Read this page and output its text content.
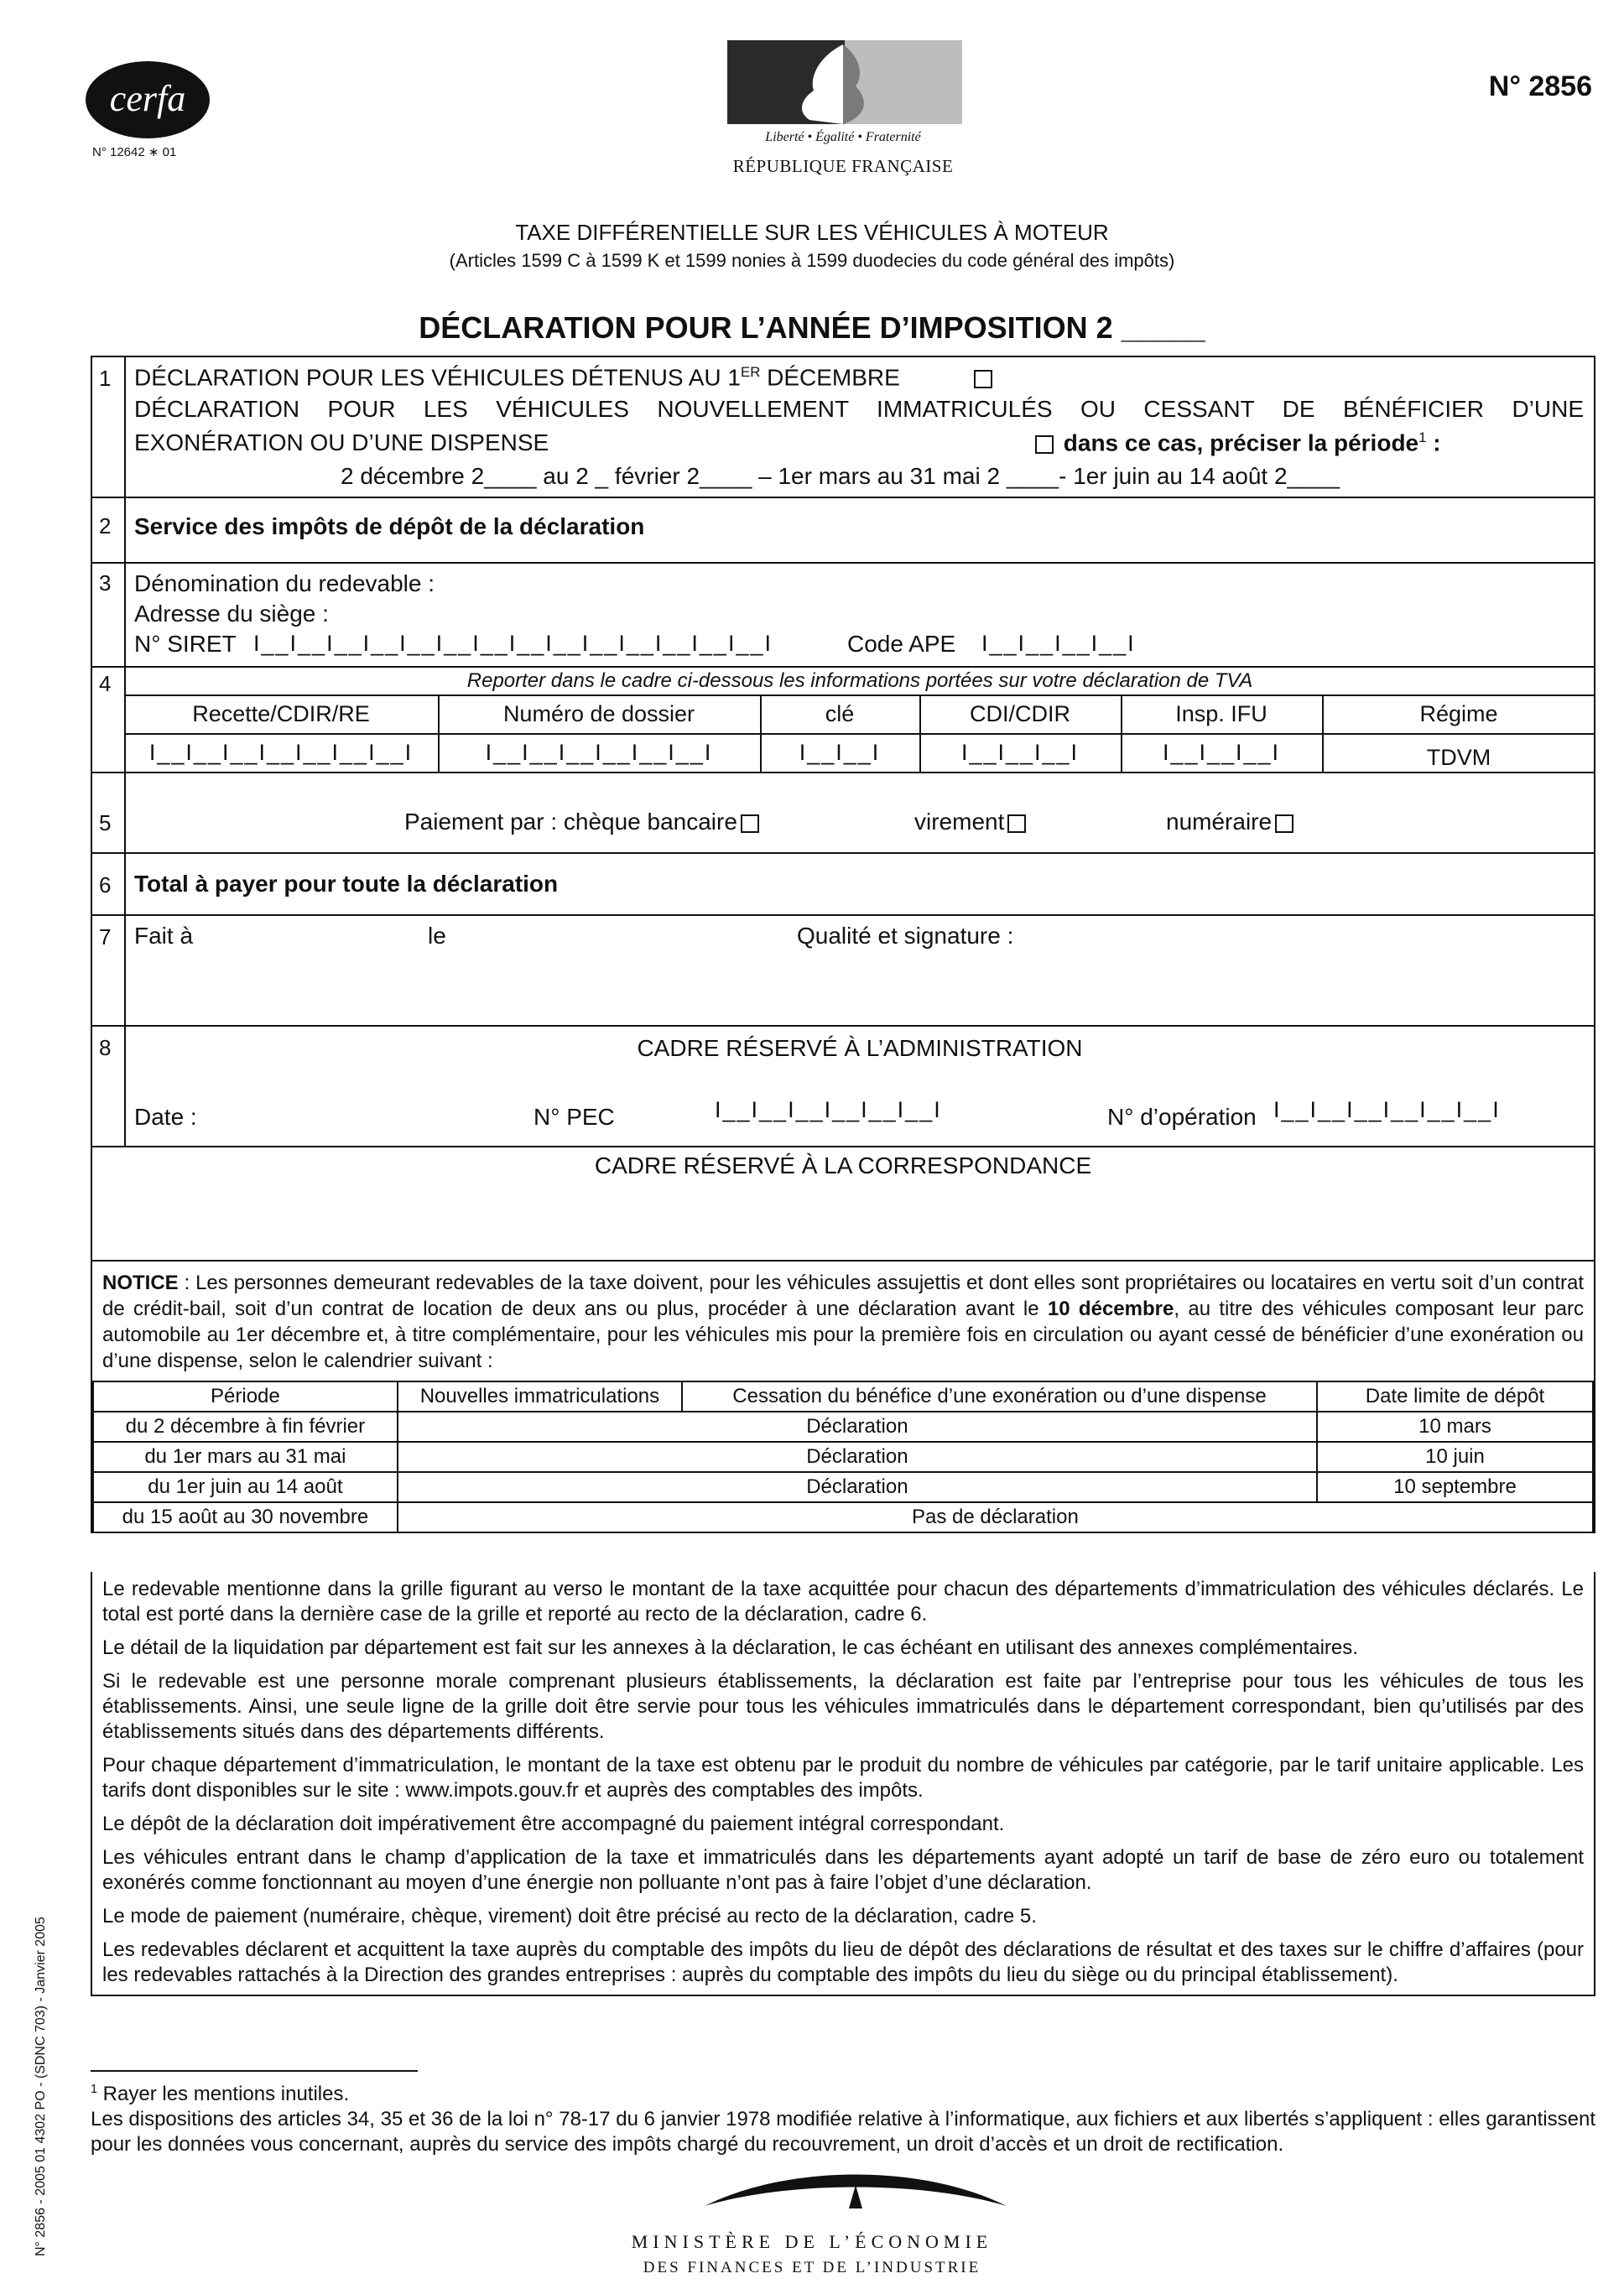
cerfa
N° 12642 ∗ 01
Liberté • Égalité • Fraternité
RÉPUBLIQUE FRANÇAISE
N° 2856
TAXE DIFFÉRENTIELLE SUR LES VÉHICULES À MOTEUR
(Articles 1599 C à 1599 K et 1599 nonies à 1599 duodecies du code général des impôts)
DÉCLARATION POUR L’ANNÉE D’IMPOSITION 2 _____
1 DÉCLARATION POUR LES VÉHICULES DÉTENUS AU 1ER DÉCEMBRE
DÉCLARATION POUR LES VÉHICULES NOUVELLEMENT IMMATRICULÉS OU CESSANT DE BÉNÉFICIER D’UNE
EXONÉRATION OU D’UNE DISPENSE	dans ce cas, préciser la période$^1$ :
2 décembre 2____ au 2 _ février 2____ – 1er mars au 31 mai 2 ____- 1er juin au 14 août 2____
2 Service des impôts de dépôt de la déclaration
3 Dénomination du redevable :
Adresse du siège :
N° SIRET I__I__I__I__I__I__I__I__I__I__I__I__I__I__I	Code APE I__I__I__I__I
4	Reporter dans le cadre ci-dessous les informations portées sur votre déclaration de TVA
Recette/CDIR/RE	Numéro de dossier	clé	CDI/CDIR	Insp. IFU	Régime
I__I__I__I__I__I__I__I	I__I__I__I__I__I__I	I__I__I	I__I__I__I	I__I__I__I	TDVM
5	Paiement par : chèque bancaire	virement	numéraire
6 Total à payer pour toute la déclaration
7 Fait à	le	Qualité et signature :
8	CADRE RÉSERVÉ À L’ADMINISTRATION
Date :	N° PEC	I__I__I__I__I__I__I	N° d’opération I__I__I__I__I__I__I
CADRE RÉSERVÉ À LA CORRESPONDANCE
NOTICE : Les personnes demeurant redevables de la taxe doivent, pour les véhicules assujettis et dont elles sont propriétaires ou locataires en vertu soit d’un contrat de crédit-bail, soit d’un contrat de location de deux ans ou plus, procéder à une déclaration avant le 10 décembre, au titre des véhicules composant leur parc automobile au 1er décembre et, à titre complémentaire, pour les véhicules mis pour la première fois en circulation ou ayant cessé de bénéficier d’une exonération ou d’une dispense, selon le calendrier suivant :
Période	Nouvelles immatriculations	Cessation du bénéfice d’une exonération ou d’une dispense	Date limite de dépôt
du 2 décembre à fin février	Déclaration		10 mars
du 1er mars au 31 mai	Déclaration		10 juin
du 1er juin au 14 août	Déclaration		10 septembre
du 15 août au 30 novembre	Pas de déclaration		
Le redevable mentionne dans la grille figurant au verso le montant de la taxe acquittée pour chacun des départements d’immatriculation des véhicules déclarés. Le total est porté dans la dernière case de la grille et reporté au recto de la déclaration, cadre 6.
Le détail de la liquidation par département est fait sur les annexes à la déclaration, le cas échéant en utilisant des annexes complémentaires.
Si le redevable est une personne morale comprenant plusieurs établissements, la déclaration est faite par l’entreprise pour tous les véhicules de tous les établissements. Ainsi, une seule ligne de la grille doit être servie pour tous les véhicules immatriculés dans le département correspondant, bien qu’utilisés par des établissements situés dans des départements différents.
Pour chaque département d’immatriculation, le montant de la taxe est obtenu par le produit du nombre de véhicules par catégorie, par le tarif unitaire applicable. Les tarifs dont disponibles sur le site : www.impots.gouv.fr et auprès des comptables des impôts.
Le dépôt de la déclaration doit impérativement être accompagné du paiement intégral correspondant.
Les véhicules entrant dans le champ d’application de la taxe et immatriculés dans les départements ayant adopté un tarif de base de zéro euro ou totalement exonérés comme fonctionnant au moyen d’une énergie non polluante n’ont pas à faire l’objet d’une déclaration.
Le mode de paiement (numéraire, chèque, virement) doit être précisé au recto de la déclaration, cadre 5.
Les redevables déclarent et acquittent la taxe auprès du comptable des impôts du lieu de dépôt des déclarations de résultat et des taxes sur le chiffre d’affaires (pour les redevables rattachés à la Direction des grandes entreprises : auprès du comptable des impôts du lieu du siège ou du principal établissement).
$^1$ Rayer les mentions inutiles.
Les dispositions des articles 34, 35 et 36 de la loi n° 78-17 du 6 janvier 1978 modifiée relative à l’informatique, aux fichiers et aux libertés s’appliquent : elles garantissent pour les données vous concernant, auprès du service des impôts chargé du recouvrement, un droit d’accès et un droit de rectification.
N° 2856 - 2005 01 4302 PO - (SDNC 703) - Janvier 2005	MINISTÈRE DE L’ÉCONOMIE
DES FINANCES ET DE L’INDUSTRIE
